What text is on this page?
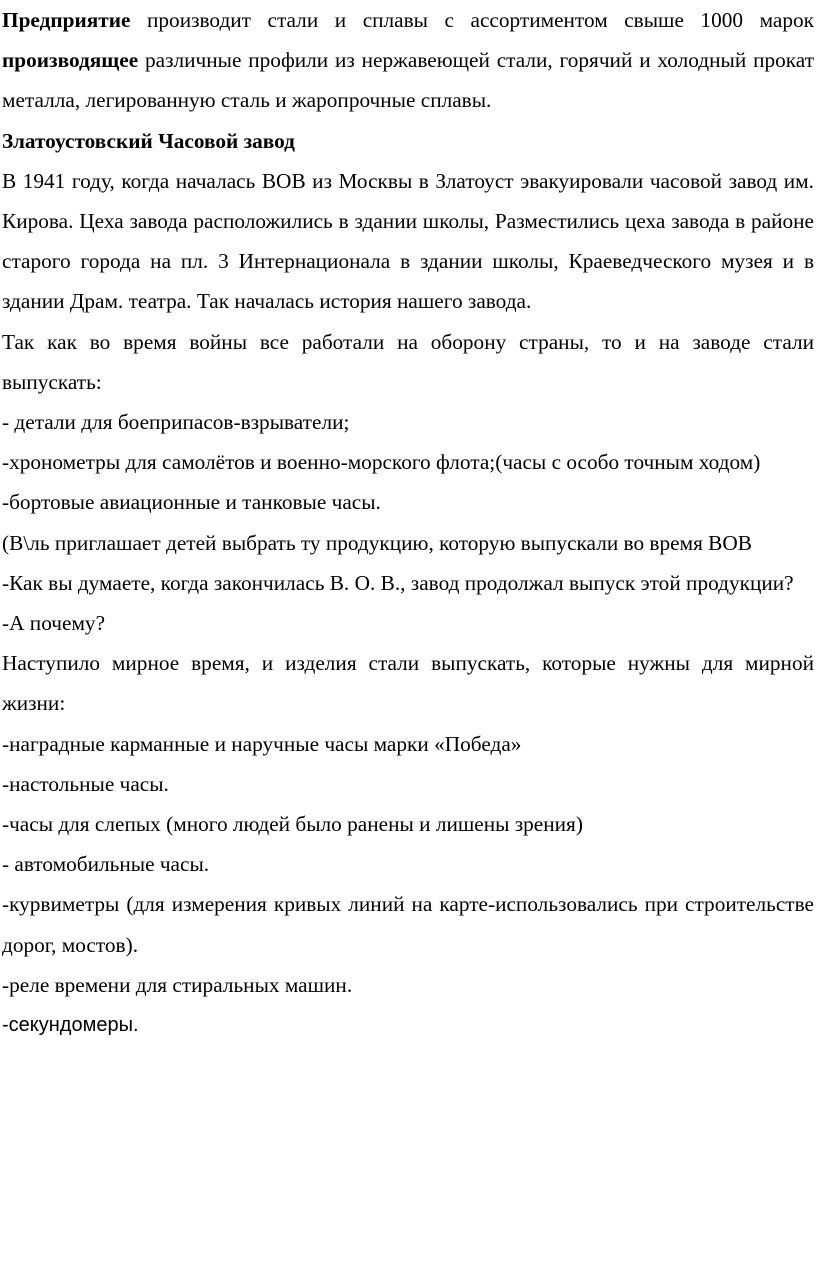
Предприятие производит стали и сплавы с ассортиментом свыше 1000 марок производящее различные профили из нержавеющей стали, горячий и холодный прокат металла, легированную сталь и жаропрочные сплавы.

Златоустовский Часовой завод

В 1941 году, когда началась ВОВ из Москвы в Златоуст эвакуировали часовой завод им. Кирова. Цеха завода расположились в здании школы, Разместились цеха завода в районе старого города на пл. 3 Интернационала в здании школы, Краеведческого музея и в здании Драм. театра. Так началась история нашего завода.

Так как во время войны все работали на оборону страны, то и на заводе стали выпускать:

- детали для боеприпасов-взрыватели;

-хронометры для самолётов и военно-морского флота;(часы с особо точным ходом)

-бортовые авиационные и танковые часы.

(В\ль приглашает детей выбрать ту продукцию, которую выпускали во время ВОВ

-Как вы думаете, когда закончилась В. О. В., завод продолжал выпуск этой продукции?

-А почему?

Наступило мирное время, и изделия стали выпускать, которые нужны для мирной жизни:

-наградные карманные и наручные часы марки «Победа»

-настольные часы.

-часы для слепых (много людей было ранены и лишены зрения)

- автомобильные часы.

-курвиметры (для измерения кривых линий на карте-использовались при строительстве дорог, мостов).

-реле времени для стиральных машин.

-секундомеры.
